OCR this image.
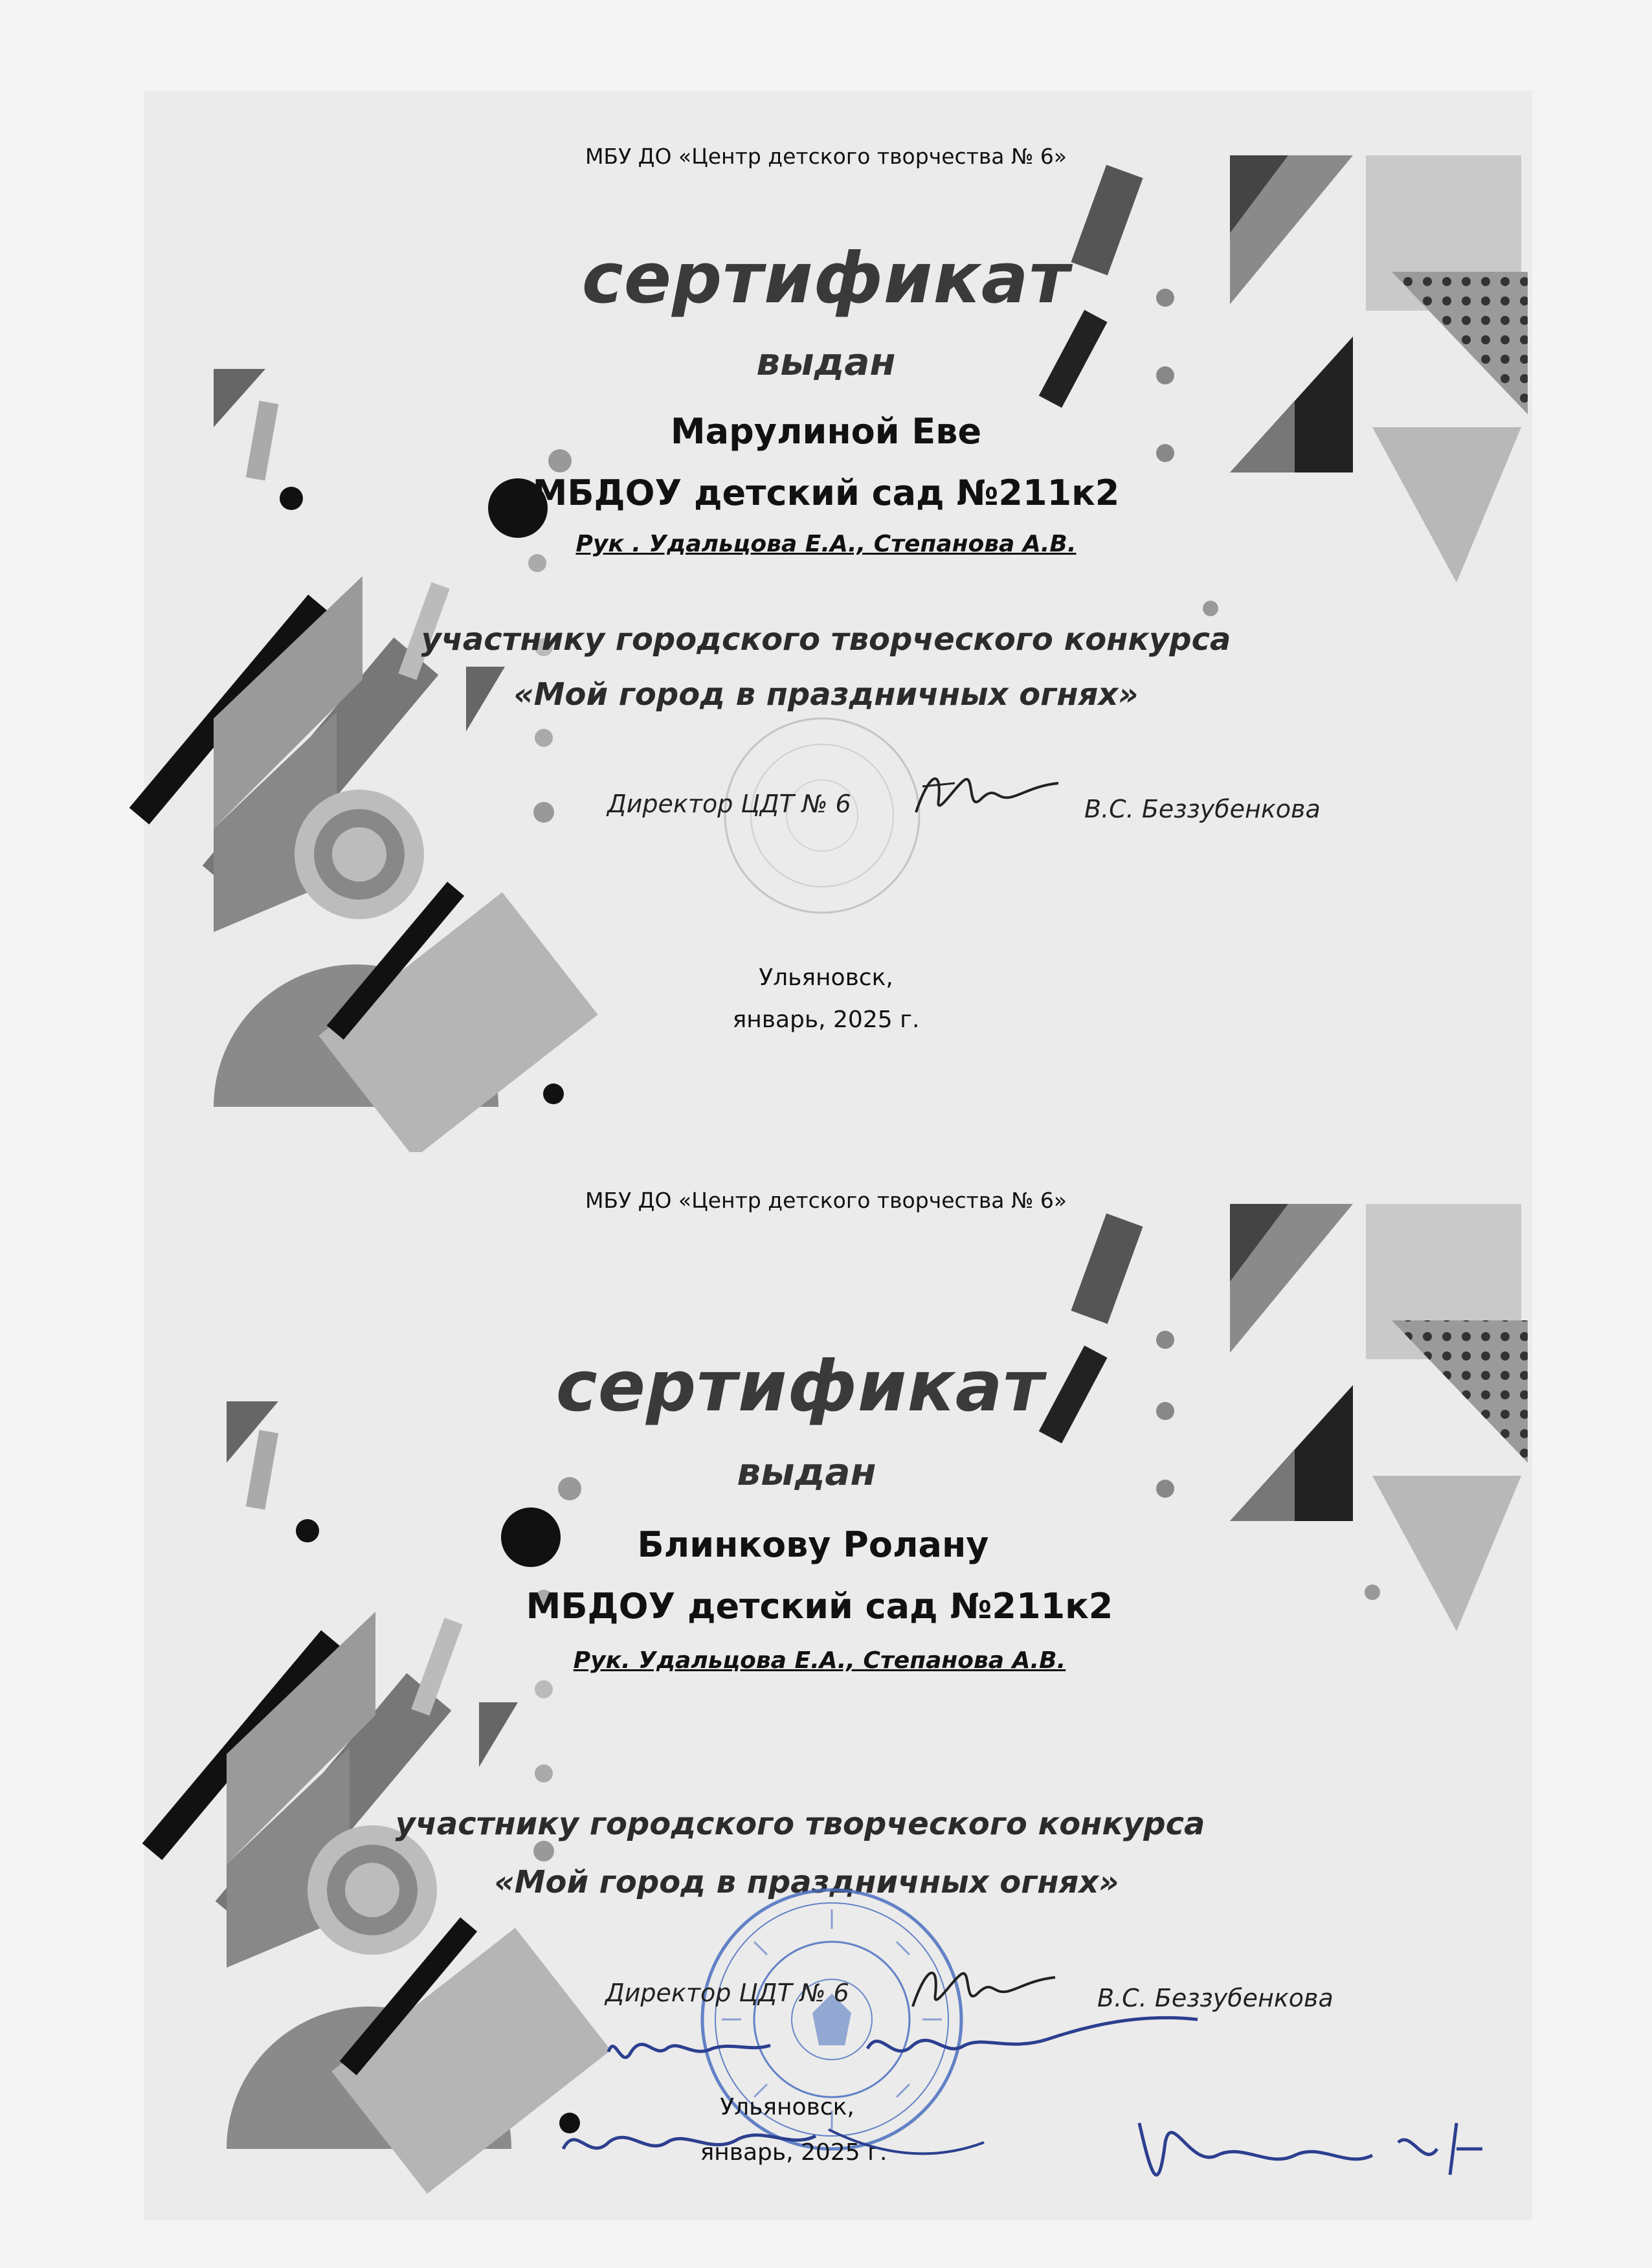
МБУ ДО «Центр детского творчества № 6»
сертификат
выдан
Марулиной Еве
МБДОУ детский сад №211к2
Рук . Удальцова Е.А., Степанова А.В.
участнику городского творческого конкурса
«Мой город в праздничных огнях»
Директор ЦДТ № 6	В.С. Беззубенкова
Ульяновск,
январь, 2025 г.
МБУ ДО «Центр детского творчества № 6»
сертификат
выдан
Блинкову Ролану
МБДОУ детский сад №211к2
Рук. Удальцова Е.А., Степанова А.В.
участнику городского творческого конкурса
«Мой город в праздничных огнях»
Директор ЦДТ № 6	В.С. Беззубенкова
Ульяновск,
январь, 2025 г.
